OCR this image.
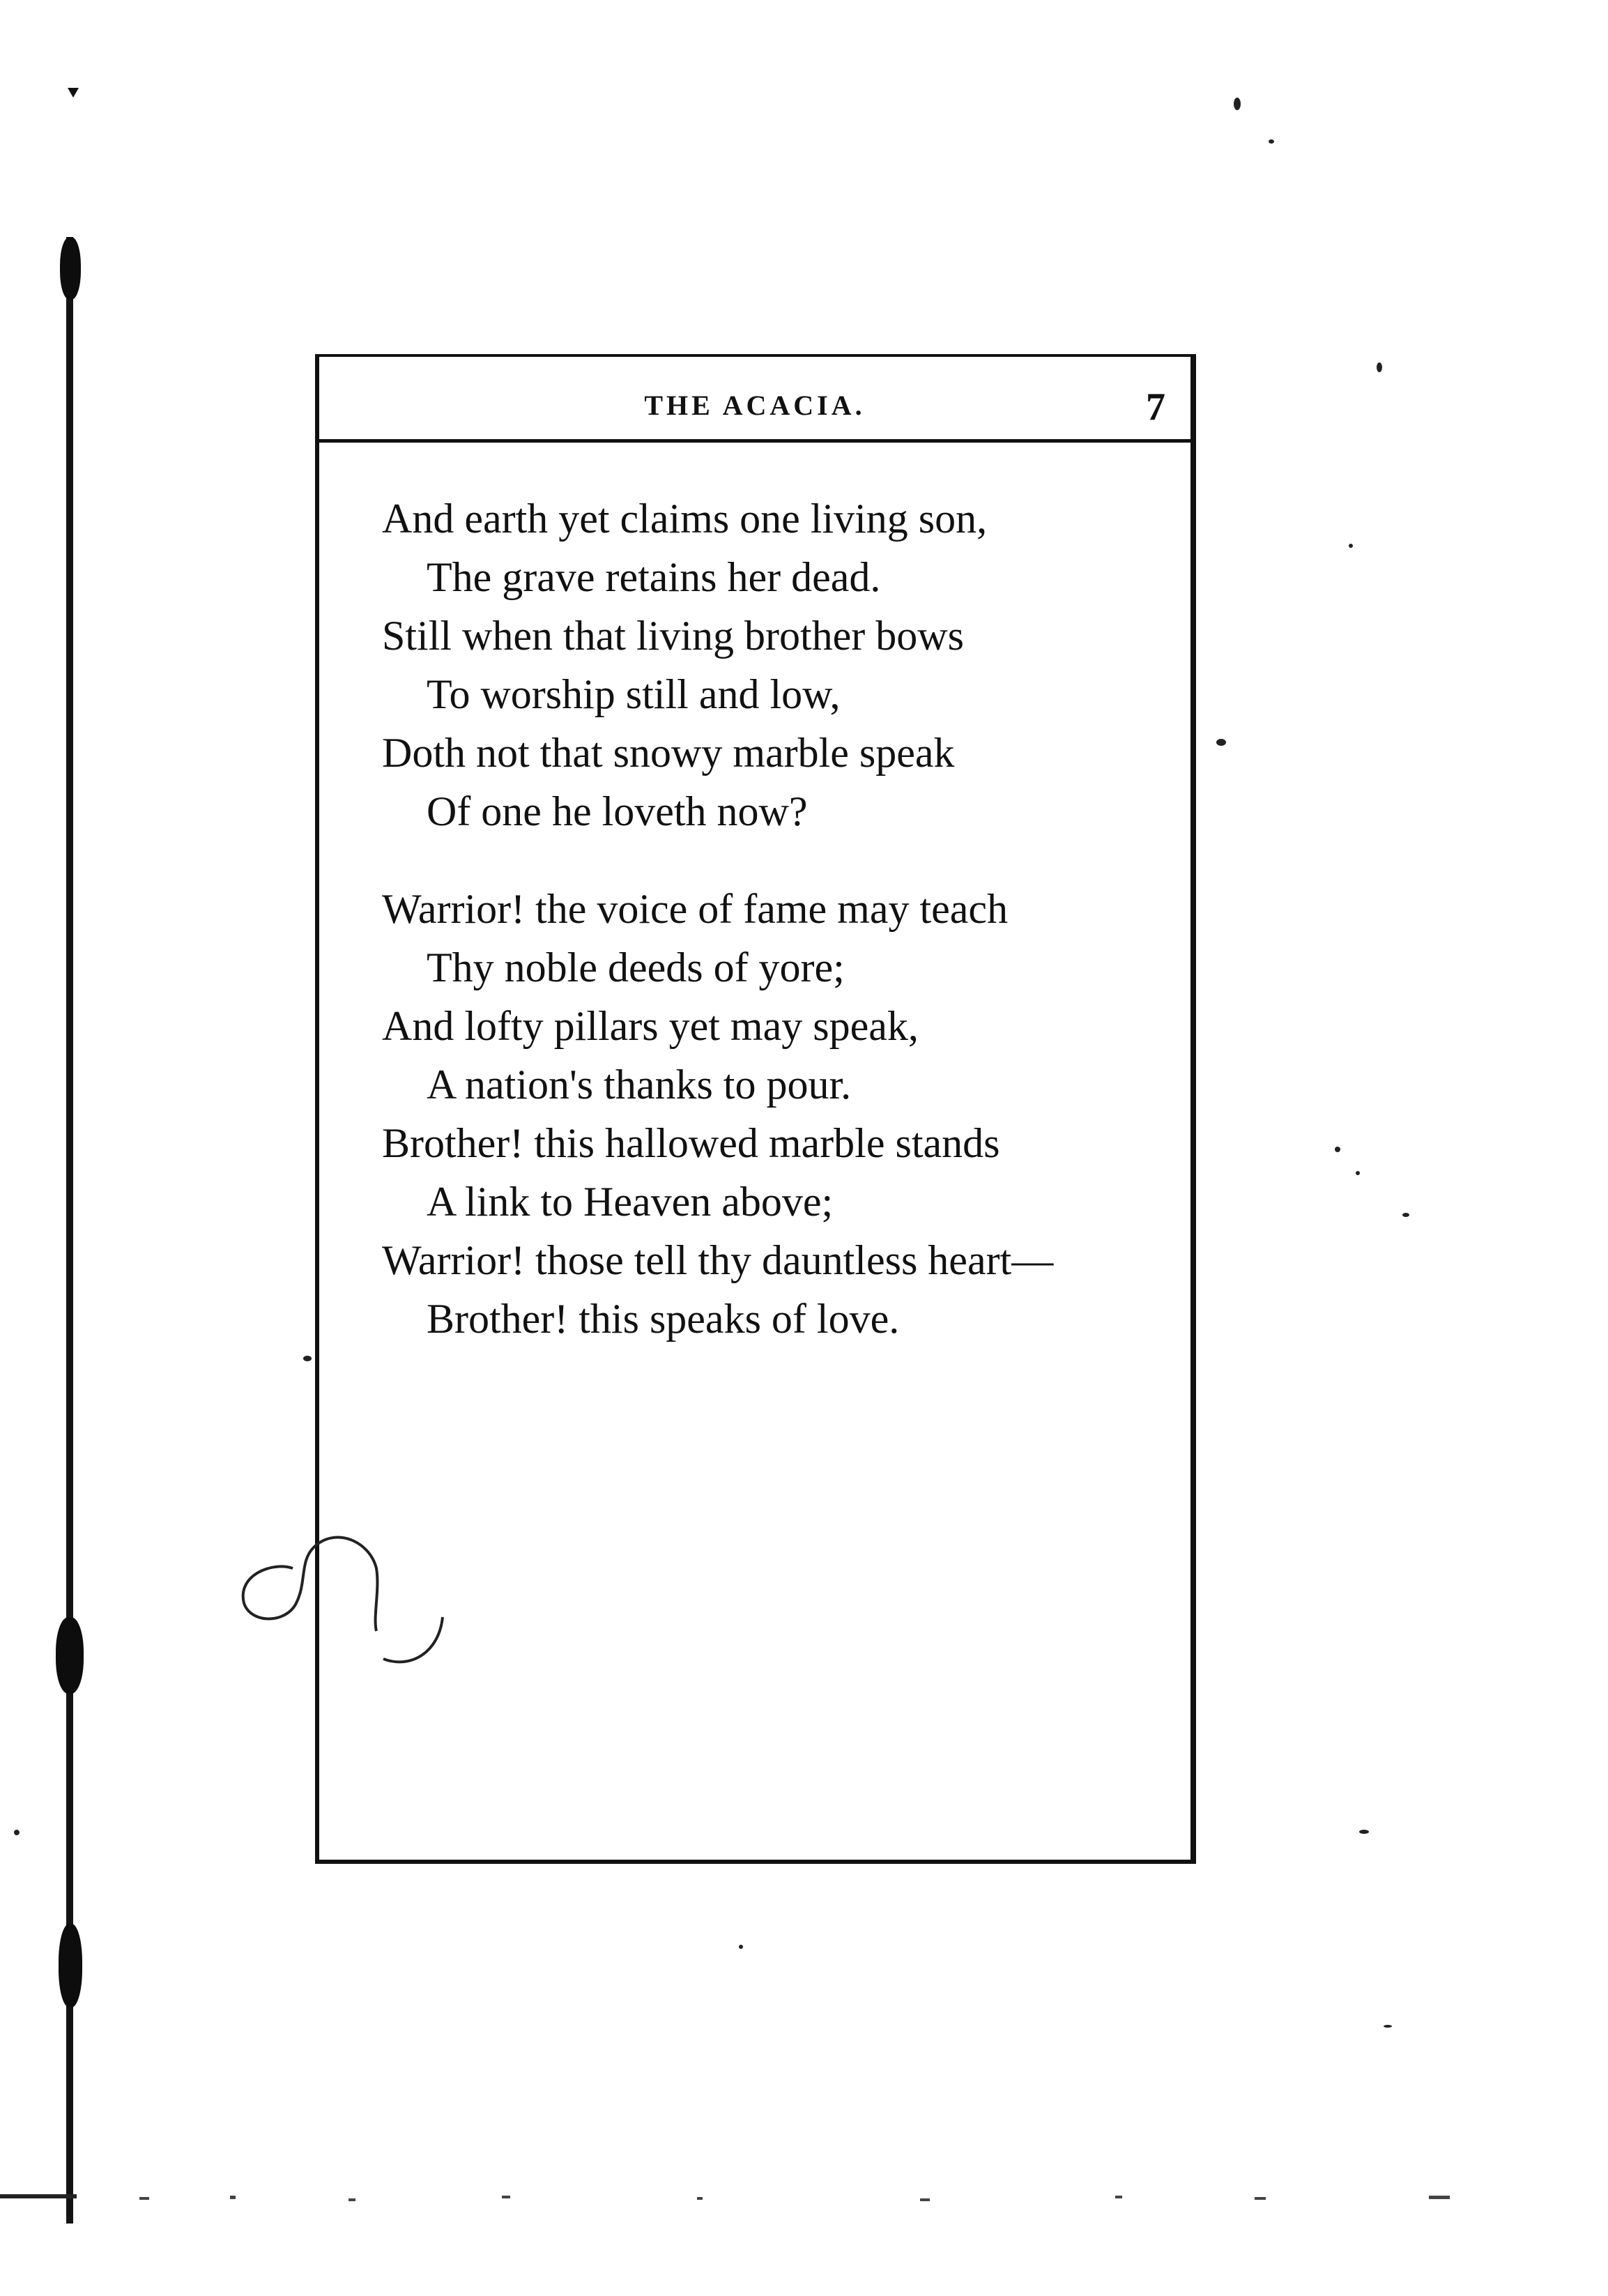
THE ACACIA.	7
And earth yet claims one living son,
The grave retains her dead.
Still when that living brother bows
To worship still and low,
Doth not that snowy marble speak
Of one he loveth now?
Warrior! the voice of fame may teach
Thy noble deeds of yore;
And lofty pillars yet may speak,
A nation's thanks to pour.
Brother! this hallowed marble stands
A link to Heaven above;
Warrior! those tell thy dauntless heart—
Brother! this speaks of love.
